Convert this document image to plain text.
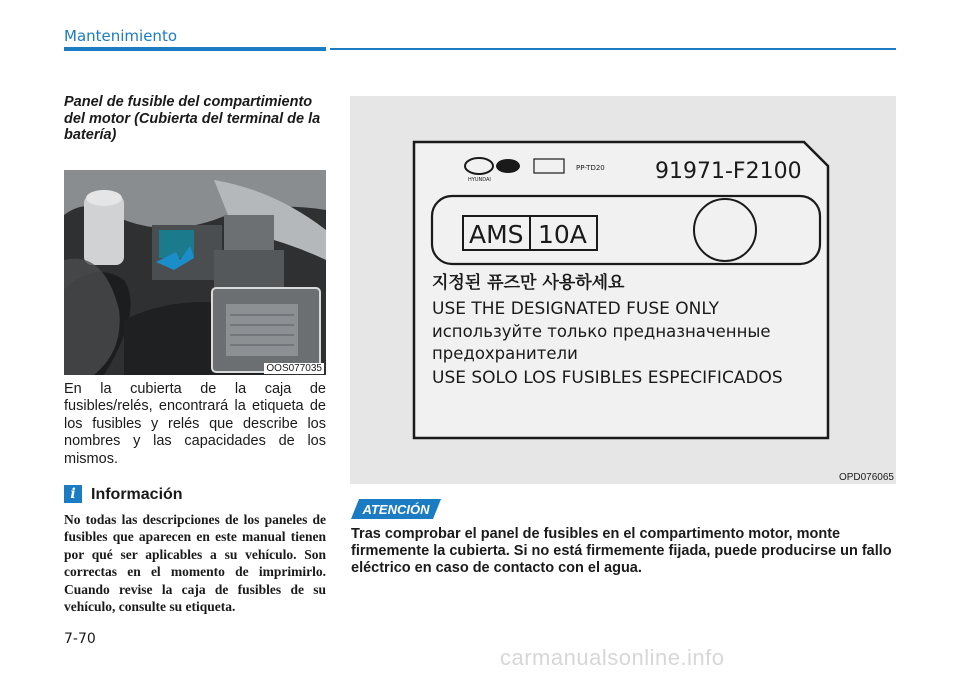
Mantenimiento
Panel de fusible del compartimiento del motor (Cubierta del terminal de la batería)
OOS077035
En la cubierta de la caja de fusibles/relés, encontrará la etiqueta de los fusibles y relés que describe los nombres y las capacidades de los mismos.
i Información
No todas las descripciones de los paneles de fusibles que aparecen en este manual tienen por qué ser aplicables a su vehículo. Son correctas en el momento de imprimirlo. Cuando revise la caja de fusibles de su vehículo, consulte su etiqueta.
7-70
HYUNDAI
PP-TD20 91971-F2100
AMS 10A
지정된 퓨즈만 사용하세요
USE THE DESIGNATED FUSE ONLY
используйте только предназначенные
предохранители
USE SOLO LOS FUSIBLES ESPECIFICADOS
OPD076065
ATENCIÓN
Tras comprobar el panel de fusibles en el compartimento motor, monte firmemente la cubierta. Si no está firmemente fijada, puede producirse un fallo eléctrico en caso de contacto con el agua.
carmanualsonline.info
